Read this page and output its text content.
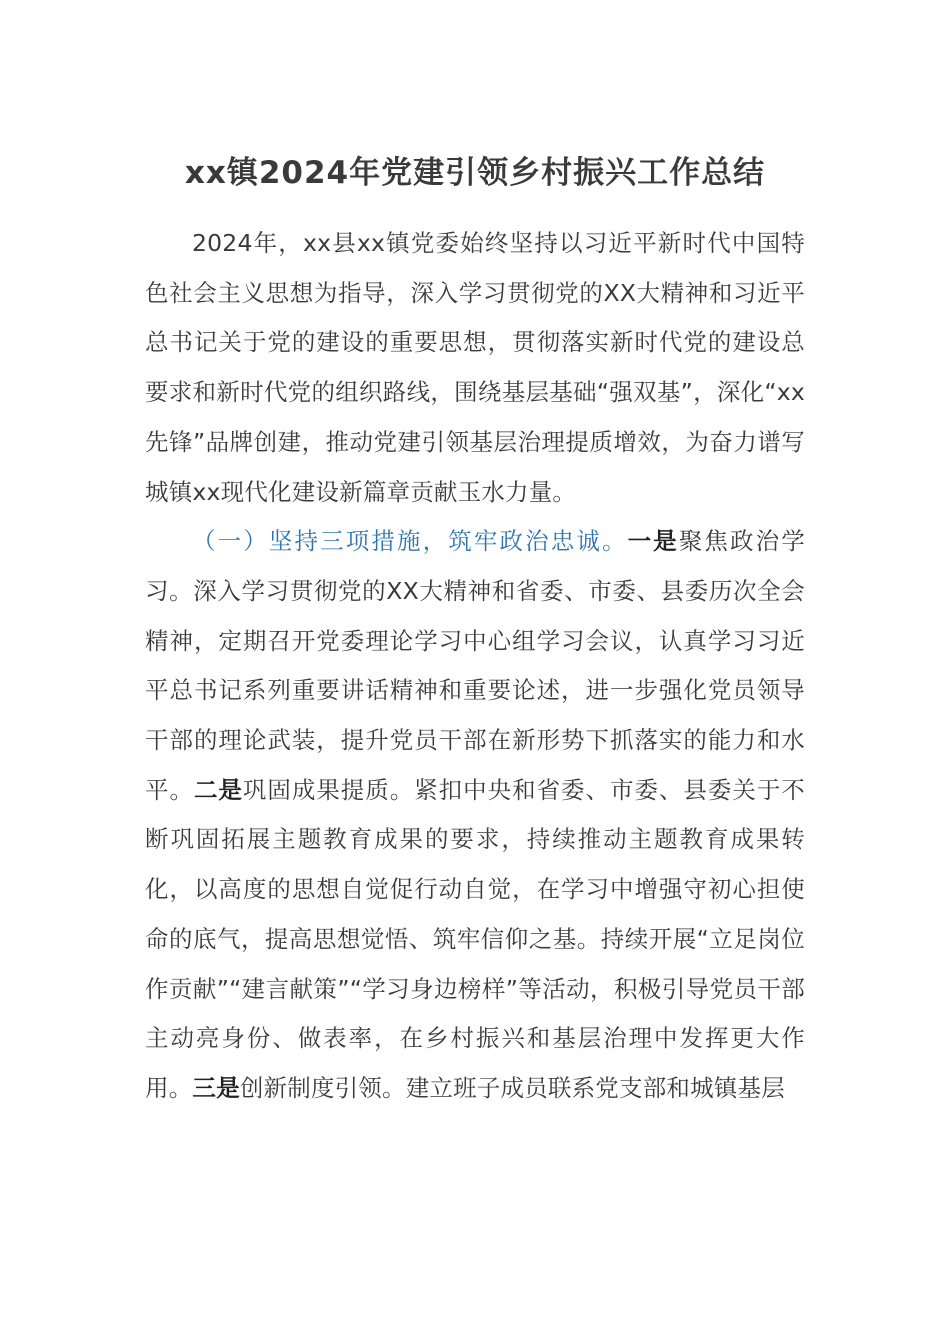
xx镇2024年党建引领乡村振兴工作总结

2024年，xx县xx镇党委始终坚持以习近平新时代中国特色社会主义思想为指导，深入学习贯彻党的XX大精神和习近平总书记关于党的建设的重要思想，贯彻落实新时代党的建设总要求和新时代党的组织路线，围绕基层基础“强双基”，深化“xx先锋”品牌创建，推动党建引领基层治理提质增效，为奋力谱写城镇xx现代化建设新篇章贡献玉水力量。

（一）坚持三项措施，筑牢政治忠诚。一是聚焦政治学习。深入学习贯彻党的XX大精神和省委、市委、县委历次全会精神，定期召开党委理论学习中心组学习会议，认真学习习近平总书记系列重要讲话精神和重要论述，进一步强化党员领导干部的理论武装，提升党员干部在新形势下抓落实的能力和水平。二是巩固成果提质。紧扣中央和省委、市委、县委关于不断巩固拓展主题教育成果的要求，持续推动主题教育成果转化，以高度的思想自觉促行动自觉，在学习中增强守初心担使命的底气，提高思想觉悟、筑牢信仰之基。持续开展“立足岗位作贡献”“建言献策”“学习身边榜样”等活动，积极引导党员干部主动亮身份、做表率，在乡村振兴和基层治理中发挥更大作用。三是创新制度引领。建立班子成员联系党支部和城镇基层
